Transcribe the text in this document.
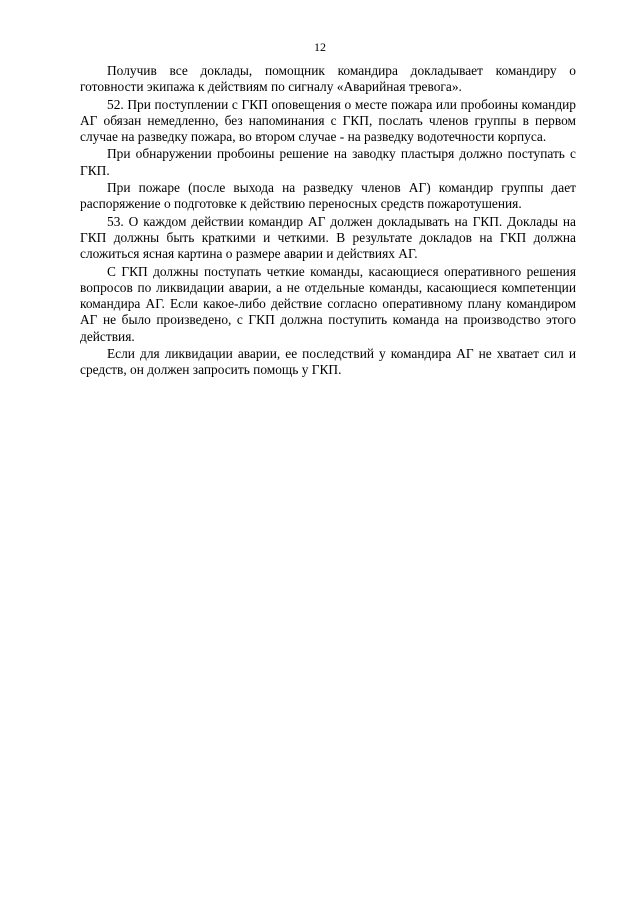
12

Получив все доклады, помощник командира докладывает командиру о готовности экипажа к действиям по сигналу «Аварийная тревога».

52. При поступлении с ГКП оповещения о месте пожара или пробоины командир АГ обязан немедленно, без напоминания с ГКП, послать членов группы в первом случае на разведку пожара, во втором случае - на разведку водотечности корпуса.

При обнаружении пробоины решение на заводку пластыря должно поступать с ГКП.

При пожаре (после выхода на разведку членов АГ) командир группы дает распоряжение о подготовке к действию переносных средств пожаротушения.

53. О каждом действии командир АГ должен докладывать на ГКП. Доклады на ГКП должны быть краткими и четкими. В результате докладов на ГКП должна сложиться ясная картина о размере аварии и действиях АГ.

С ГКП должны поступать четкие команды, касающиеся оперативного решения вопросов по ликвидации аварии, а не отдельные команды, касающиеся компетенции командира АГ. Если какое-либо действие согласно оперативному плану командиром АГ не было произведено, с ГКП должна поступить команда на производство этого действия.

Если для ликвидации аварии, ее последствий у командира АГ не хватает сил и средств, он должен запросить помощь у ГКП.
